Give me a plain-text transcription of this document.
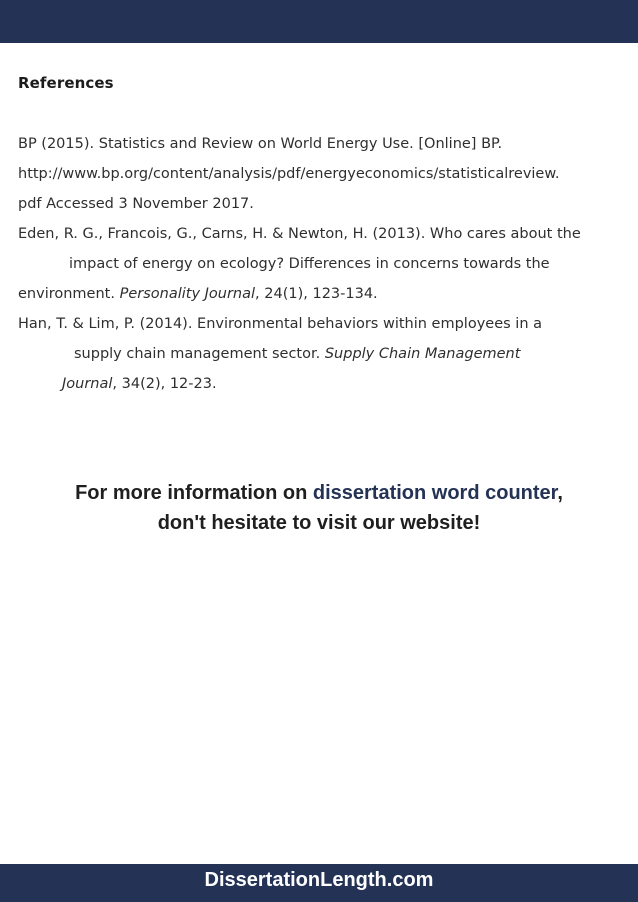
References
BP (2015). Statistics and Review on World Energy Use. [Online] BP.
http://www.bp.org/content/analysis/pdf/energyeconomics/statisticalreview.
pdf Accessed 3 November 2017.
Eden, R. G., Francois, G., Carns, H. & Newton, H. (2013). Who cares about the
impact of energy on ecology? Differences in concerns towards the
environment. Personality Journal, 24(1), 123-134.
Han, T. & Lim, P. (2014). Environmental behaviors within employees in a
supply chain management sector. Supply Chain Management
Journal, 34(2), 12-23.
For more information on dissertation word counter,
don't hesitate to visit our website!
DissertationLength.com
